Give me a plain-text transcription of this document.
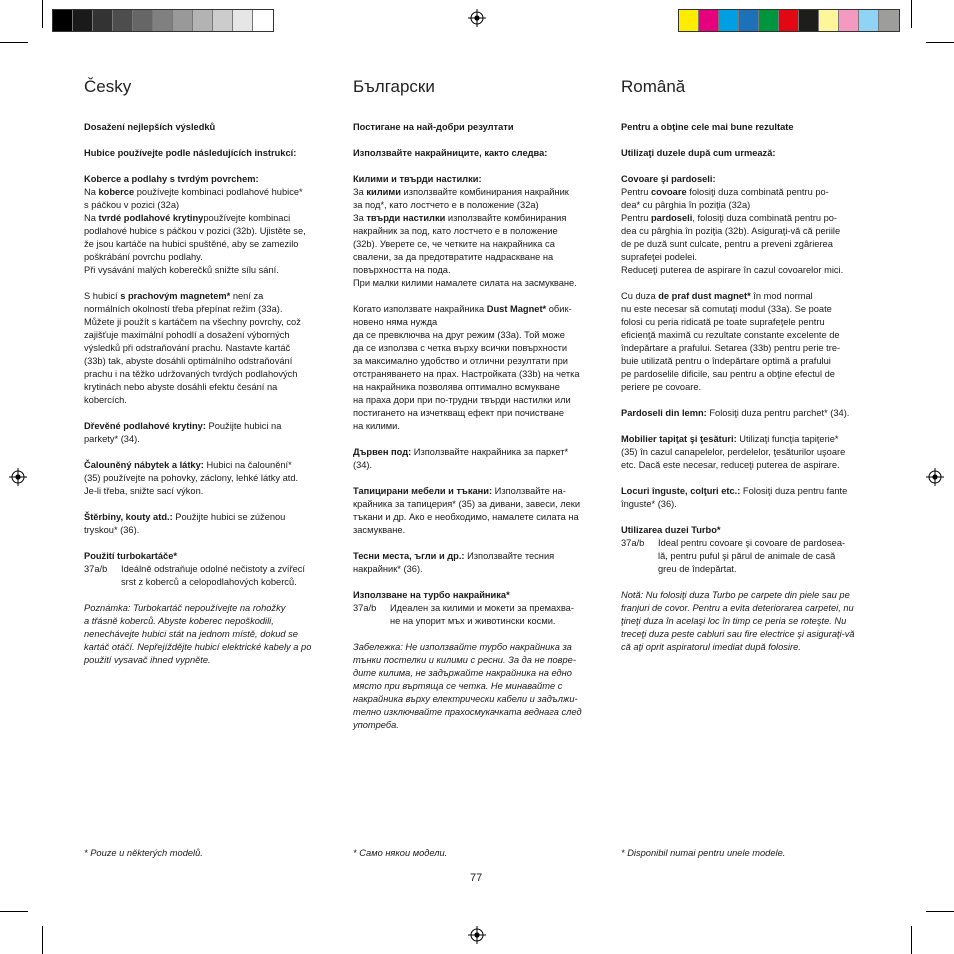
Česky
Dosažení nejlepších výsledků
Hubice používejte podle následujících instrukcí:
Koberce a podlahy s tvrdým povrchem:
Na koberce používejte kombinaci podlahové hubice*
s páčkou v pozici (32a)
Na tvrdé podlahové krytinypoužívejte kombinaci
podlahové hubice s páčkou v pozici (32b). Ujistěte se,
že jsou kartáče na hubici spuštěné, aby se zamezilo
poškrábání povrchu podlahy.
Při vysávání malých koberečků snižte sílu sání.
S hubicí s prachovým magnetem* není za
normálních okolností třeba přepínat režim (33a).
Můžete ji použít s kartáčem na všechny povrchy, což
zajišťuje maximální pohodlí a dosažení výborných
výsledků při odstraňování prachu. Nastavte kartáč
(33b) tak, abyste dosáhli optimálního odstraňování
prachu i na těžko udržovaných tvrdých podlahových
krytinách nebo abyste dosáhli efektu česání na
kobercích.
Dřevěné podlahové krytiny: Použijte hubici na
parkety* (34).
Čalouněný nábytek a látky: Hubici na čalounění*
(35) používejte na pohovky, záclony, lehké látky atd.
Je-li třeba, snižte sací výkon.
Štěrbiny, kouty atd.: Použijte hubici se zúženou
tryskou* (36).
Použití turbokartáče*
37a/b	Ideálně odstraňuje odolné nečistoty a zvířecí
srst z koberců a celopodlahových koberců.
Poznámka: Turbokartáč nepoužívejte na rohožky
a třásně koberců. Abyste koberec nepoškodili,
nenechávejte hubici stát na jednom místě, dokud se
kartáč otáčí. Nepřejíždějte hubicí elektrické kabely a po
použití vysavač ihned vypněte.
Български
Постигане на най-добри резултати
Използвайте накрайниците, както следва:
Килими и твърди настилки:
За килими използвайте комбинирания накрайник
за под*, като лостчето е в положение (32а)
За твърди настилки използвайте комбинирания
накрайник за под, като лостчето е в положение
(32b). Уверете се, че четките на накрайника са
свалени, за да предотвратите надраскване на
повърхността на пода.
При малки килими намалете силата на засмукване.
Когато използвате накрайника Dust Magnet* обик-
новено няма нужда
да се превключва на друг режим (33a). Той може
да се използва с четка върху всички повърхности
за максимално удобство и отлични резултати при
отстраняването на прах. Настройката (33b) на четка
на накрайника позволява оптимално всмукване
на праха дори при по-трудни твърди настилки или
постигането на изчеткващ ефект при почистване
на килими.
Дървен под: Използвайте накрайника за паркет*
(34).
Тапицирани мебели и тъкани: Използвайте на-
крайника за тапицерия* (35) за дивани, завеси, леки
тъкани и др. Ако е необходимо, намалете силата на
засмукване.
Тесни места, ъгли и др.: Използвайте тесния
накрайник* (36).
Използване на турбо накрайника*
37a/b	Идеален за килими и мокети за премахва-
не на упорит мъх и животински косми.
Забележка: Не използвайте турбо накрайника за
тънки постелки и килими с ресни. За да не повре-
дите килима, не задържайте накрайника на едно
място при въртяща се четка. Не минавайте с
накрайника върху електрически кабели и задължи-
телно изключвайте прахосмукачката веднага след
употреба.
Română
Pentru a obţine cele mai bune rezultate
Utilizaţi duzele după cum urmează:
Covoare şi pardoseli:
Pentru covoare folosiţi duza combinată pentru po-
dea* cu pârghia în poziţia (32a)
Pentru pardoseli, folosiţi duza combinată pentru po-
dea cu pârghia în poziţia (32b). Asiguraţi-vă că periile
de pe duză sunt culcate, pentru a preveni zgârierea
suprafeţei podelei.
Reduceţi puterea de aspirare în cazul covoarelor mici.
Cu duza de praf dust magnet* în mod normal
nu este necesar să comutaţi modul (33a). Se poate
folosi cu peria ridicată pe toate suprafeţele pentru
eficienţă maximă cu rezultate constante excelente de
îndepărtare a prafului. Setarea (33b) pentru perie tre-
buie utilizată pentru o îndepărtare optimă a prafului
pe pardoselile dificile, sau pentru a obţine efectul de
periere pe covoare.
Pardoseli din lemn: Folosiţi duza pentru parchet* (34).
Mobilier tapiţat şi ţesături: Utilizaţi funcţia tapiţerie*
(35) în cazul canapelelor, perdelelor, ţesăturilor uşoare
etc. Dacă este necesar, reduceţi puterea de aspirare.
Locuri înguste, colţuri etc.: Folosiţi duza pentru fante
înguste* (36).
Utilizarea duzei Turbo*
37a/b	Ideal pentru covoare şi covoare de pardosea-
lă, pentru puful şi părul de animale de casă
greu de îndepărtat.
Notă: Nu folosiţi duza Turbo pe carpete din piele sau pe
franjuri de covor. Pentru a evita deteriorarea carpetei, nu
ţineţi duza în acelaşi loc în timp ce peria se roteşte. Nu
treceţi duza peste cabluri sau fire electrice şi asiguraţi-vă
că aţi oprit aspiratorul imediat după folosire.
* Pouze u některých modelů.	* Само някои модели.	* Disponibil numai pentru unele modele.
77
